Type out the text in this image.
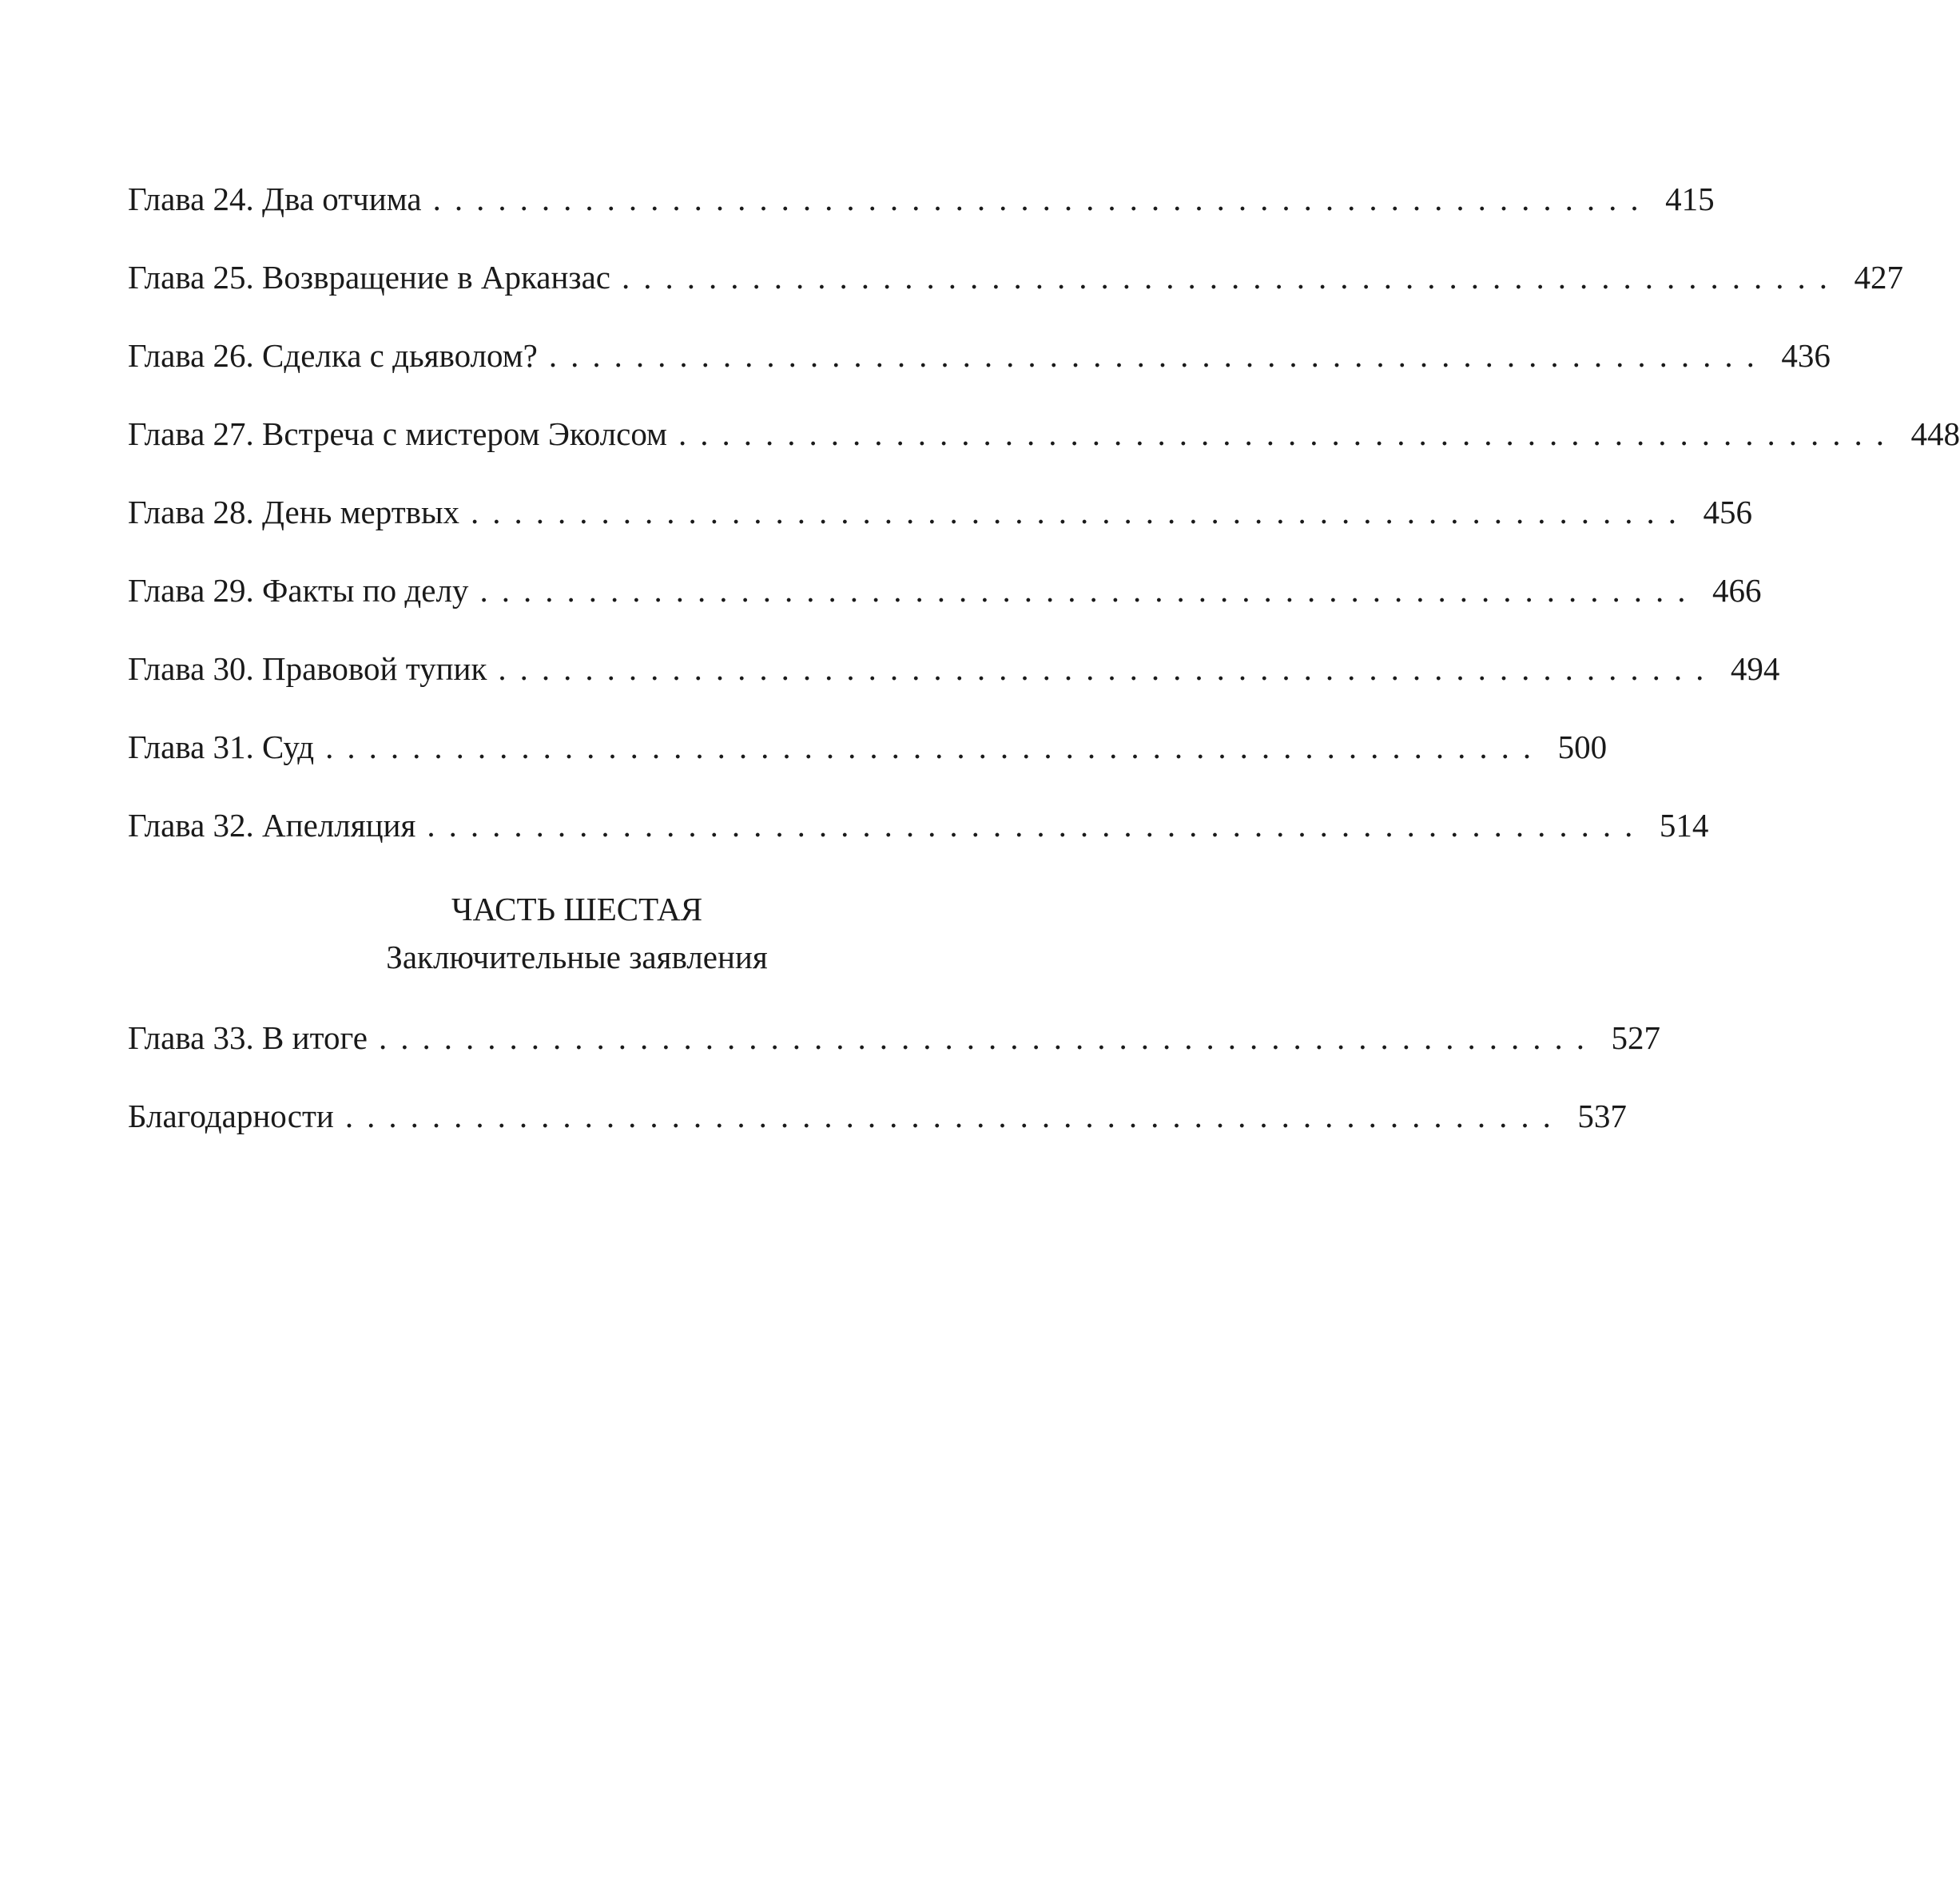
Глава 24. Два отчима ........................................................ 415
Глава 25. Возвращение в Арканзас ........................................................ 427
Глава 26. Сделка с дьяволом? ........................................................ 436
Глава 27. Встреча с мистером Эколсом ........................................................ 448
Глава 28. День мертвых ........................................................ 456
Глава 29. Факты по делу ........................................................ 466
Глава 30. Правовой тупик ........................................................ 494
Глава 31. Суд ........................................................ 500
Глава 32. Апелляция ........................................................ 514
ЧАСТЬ ШЕСТАЯ
Заключительные заявления
Глава 33. В итоге ........................................................ 527
Благодарности ........................................................ 537
